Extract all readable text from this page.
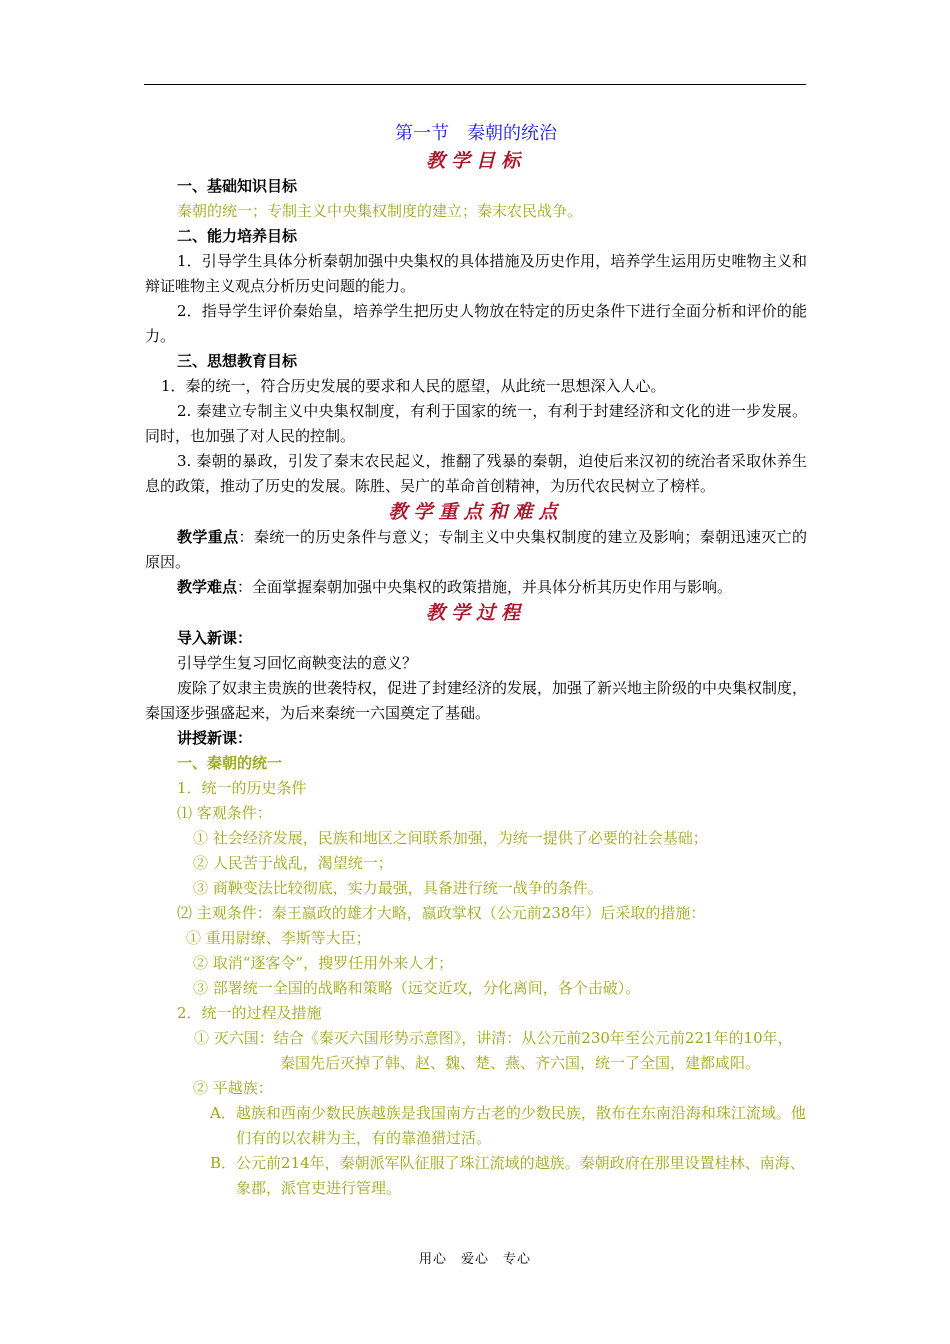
第一节　秦朝的统治
教学目标
一、基础知识目标
秦朝的统一；专制主义中央集权制度的建立；秦末农民战争。
二、能力培养目标
1．引导学生具体分析秦朝加强中央集权的具体措施及历史作用，培养学生运用历史唯物主义和辩证唯物主义观点分析历史问题的能力。
2．指导学生评价秦始皇，培养学生把历史人物放在特定的历史条件下进行全面分析和评价的能力。
三、思想教育目标
1．秦的统一，符合历史发展的要求和人民的愿望，从此统一思想深入人心。
2. 秦建立专制主义中央集权制度，有利于国家的统一，有利于封建经济和文化的进一步发展。同时，也加强了对人民的控制。
3. 秦朝的暴政，引发了秦末农民起义，推翻了残暴的秦朝，迫使后来汉初的统治者采取休养生息的政策，推动了历史的发展。陈胜、吴广的革命首创精神，为历代农民树立了榜样。
教学重点和难点
教学重点：秦统一的历史条件与意义；专制主义中央集权制度的建立及影响；秦朝迅速灭亡的原因。
教学难点：全面掌握秦朝加强中央集权的政策措施，并具体分析其历史作用与影响。
教学过程
导入新课：
引导学生复习回忆商鞅变法的意义？
废除了奴隶主贵族的世袭特权，促进了封建经济的发展，加强了新兴地主阶级的中央集权制度，秦国逐步强盛起来，为后来秦统一六国奠定了基础。
讲授新课：
一、秦朝的统一
1．统一的历史条件
⑴ 客观条件：
① 社会经济发展，民族和地区之间联系加强，为统一提供了必要的社会基础；
② 人民苦于战乱，渴望统一；
③ 商鞅变法比较彻底，实力最强，具备进行统一战争的条件。
⑵ 主观条件：秦王嬴政的雄才大略，嬴政掌权（公元前238年）后采取的措施：
① 重用尉缭、李斯等大臣；
② 取消“逐客令”，搜罗任用外来人才；
③ 部署统一全国的战略和策略（远交近攻，分化离间，各个击破）。
2．统一的过程及措施
① 灭六国：结合《秦灭六国形势示意图》，讲清：从公元前230年至公元前221年的10年，秦国先后灭掉了韩、赵、魏、楚、燕、齐六国，统一了全国，建都咸阳。
② 平越族：
A．越族和西南少数民族越族是我国南方古老的少数民族，散布在东南沿海和珠江流域。他们有的以农耕为主，有的靠渔猎过活。
B．公元前214年，秦朝派军队征服了珠江流域的越族。秦朝政府在那里设置桂林、南海、象郡，派官吏进行管理。
用心　爱心　专心
